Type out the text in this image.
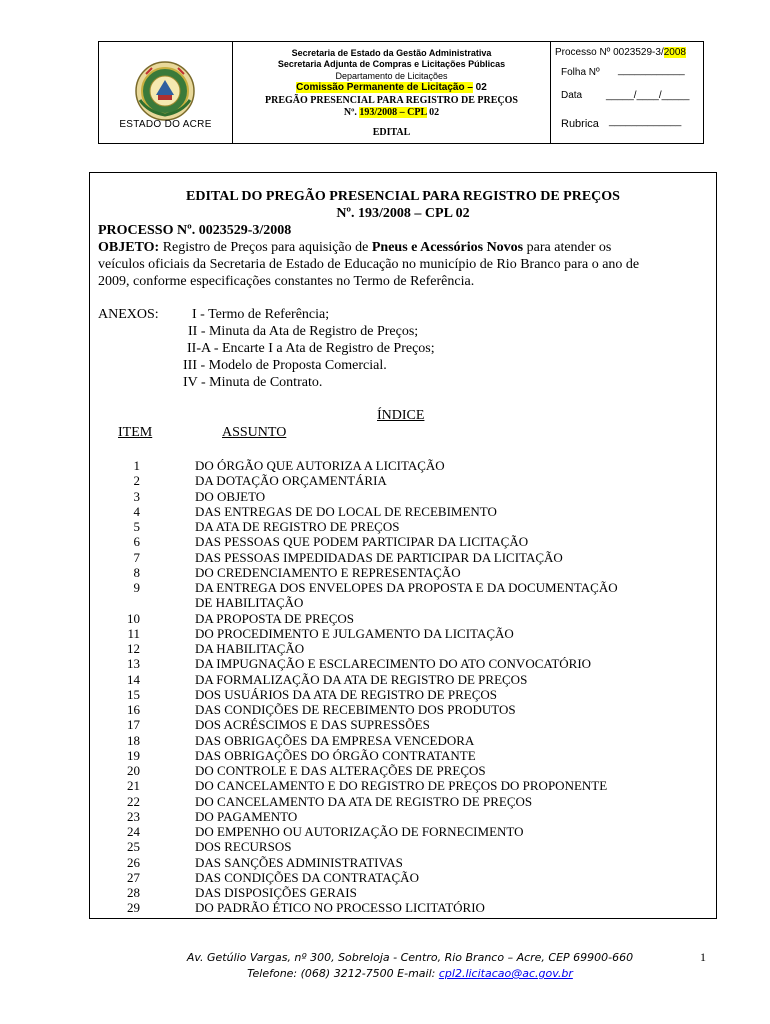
ESTADO DO ACRE
Secretaria de Estado da Gestão Administrativa
Secretaria Adjunta de Compras e Licitações Públicas
Departamento de Licitações
Comissão Permanente de Licitação – 02
PREGÃO PRESENCIAL PARA REGISTRO DE PREÇOS
Nº. 193/2008 – CPL 02
EDITAL
Processo Nº 0023529-3/2008
Folha Nº ____________
Data _____/____/_____
Rubrica _____________
EDITAL DO PREGÃO PRESENCIAL PARA REGISTRO DE PREÇOS
Nº. 193/2008 – CPL 02
PROCESSO Nº. 0023529-3/2008
OBJETO: Registro de Preços para aquisição de Pneus e Acessórios Novos para atender os
veículos oficiais da Secretaria de Estado de Educação no município de Rio Branco para o ano de
2009, conforme especificações constantes no Termo de Referência.
ANEXOS: I - Termo de Referência;
II - Minuta da Ata de Registro de Preços;
II-A - Encarte I a Ata de Registro de Preços;
III - Modelo de Proposta Comercial.
IV - Minuta de Contrato.
ÍNDICE
ITEM	ASSUNTO
1	DO ÓRGÃO QUE AUTORIZA A LICITAÇÃO
2	DA DOTAÇÃO ORÇAMENTÁRIA
3	DO OBJETO
4	DAS ENTREGAS DE DO LOCAL DE RECEBIMENTO
5	DA ATA DE REGISTRO DE PREÇOS
6	DAS PESSOAS QUE PODEM PARTICIPAR DA LICITAÇÃO
7	DAS PESSOAS IMPEDIDADAS DE PARTICIPAR DA LICITAÇÃO
8	DO CREDENCIAMENTO E REPRESENTAÇÃO
9	DA ENTREGA DOS ENVELOPES DA PROPOSTA E DA DOCUMENTAÇÃO
DE HABILITAÇÃO
10	DA PROPOSTA DE PREÇOS
11	DO PROCEDIMENTO E JULGAMENTO DA LICITAÇÃO
12	DA HABILITAÇÃO
13	DA IMPUGNAÇÃO E ESCLARECIMENTO DO ATO CONVOCATÓRIO
14	DA FORMALIZAÇÃO DA ATA DE REGISTRO DE PREÇOS
15	DOS USUÁRIOS DA ATA DE REGISTRO DE PREÇOS
16	DAS CONDIÇÕES DE RECEBIMENTO DOS PRODUTOS
17	DOS ACRÉSCIMOS E DAS SUPRESSÕES
18	DAS OBRIGAÇÕES DA EMPRESA VENCEDORA
19	DAS OBRIGAÇÕES DO ÓRGÃO CONTRATANTE
20	DO CONTROLE E DAS ALTERAÇÕES DE PREÇOS
21	DO CANCELAMENTO E DO REGISTRO DE PREÇOS DO PROPONENTE
22	DO CANCELAMENTO DA ATA DE REGISTRO DE PREÇOS
23	DO PAGAMENTO
24	DO EMPENHO OU AUTORIZAÇÃO DE FORNECIMENTO
25	DOS RECURSOS
26	DAS SANÇÕES ADMINISTRATIVAS
27	DAS CONDIÇÕES DA CONTRATAÇÃO
28	DAS DISPOSIÇÕES GERAIS
29	DO PADRÃO ÉTICO NO PROCESSO LICITATÓRIO
Av. Getúlio Vargas, nº 300, Sobreloja - Centro, Rio Branco – Acre, CEP 69900-660
Telefone: (068) 3212-7500 E-mail: cpl2.licitacao@ac.gov.br
1
